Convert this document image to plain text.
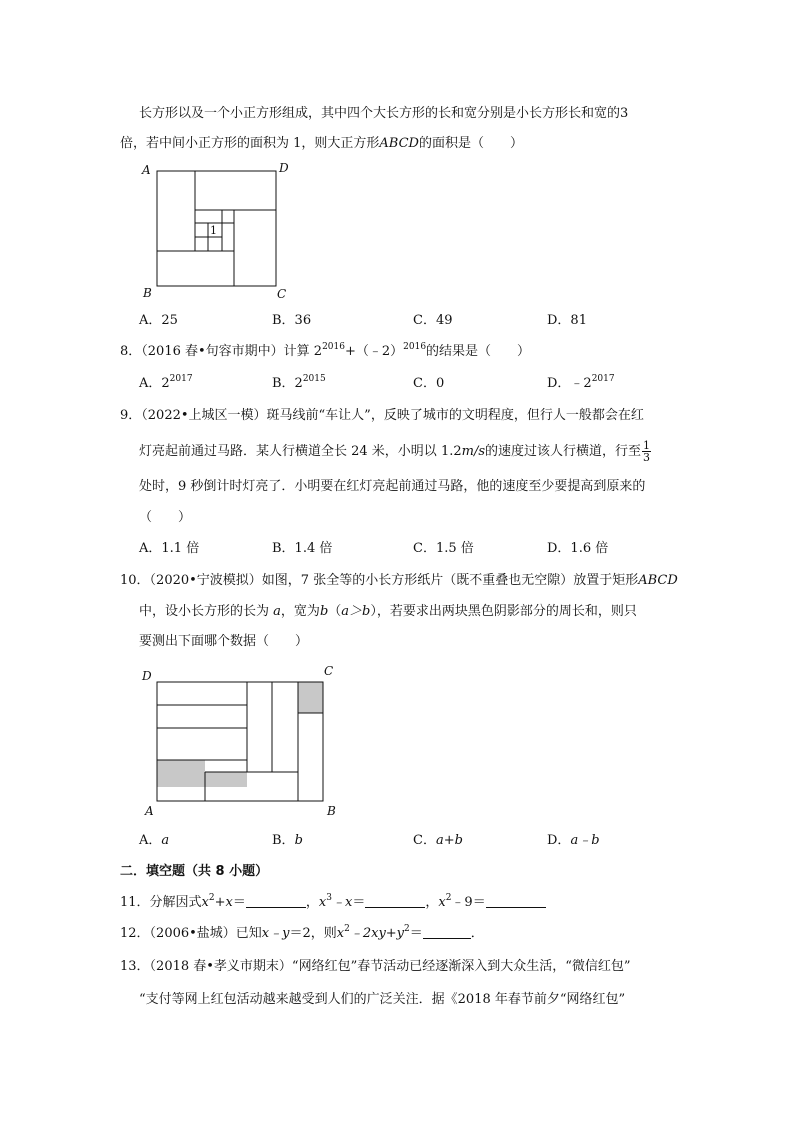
长方形以及一个小正方形组成，其中四个大长方形的长和宽分别是小长方形长和宽的3
倍，若中间小正方形的面积为 1，则大正方形ABCD的面积是（　　）
A	D
B	C
1
A．25	B．36	C．49	D．81
8．（2016 春•句容市期中）计算 $2^{2016}+(﹣2)^{2016}$的结果是（　　）
A．$2^{2017}$	B．$2^{2015}$	C．0	D．$﹣2^{2017}$
9．（2022•上城区一模）斑马线前“车让人”，反映了城市的文明程度，但行人一般都会在红
灯亮起前通过马路．某人行横道全长 24 米，小明以 1.2m/s的速度过该人行横道，行至 $\frac{1}{3}$
处时，9 秒倒计时灯亮了．小明要在红灯亮起前通过马路，他的速度至少要提高到原来的
（　　）
A．1.1 倍	B．1.4 倍	C．1.5 倍	D．1.6 倍
10．（2020•宁波模拟）如图，7 张全等的小长方形纸片（既不重叠也无空隙）放置于矩形ABCD
中，设小长方形的长为 a，宽为b（a＞b），若要求出两块黑色阴影部分的周长和，则只
要测出下面哪个数据（　　）
D	C
A	B
A．a	B．b	C．a+b	D．a﹣b
二．填空题（共 8 小题）
11．分解因式$x^2+x=$	，$x^3﹣x=$	，$x^2﹣9=$
12．（2006•盐城）已知x﹣y＝2，则$x^2﹣2xy+y^2=$	．
13．（2018 春•孝义市期末）“网络红包”春节活动已经逐渐深入到大众生活，“微信红包”
“支付等网上红包活动越来越受到人们的广泛关注．据《2018 年春节前夕“网络红包”
